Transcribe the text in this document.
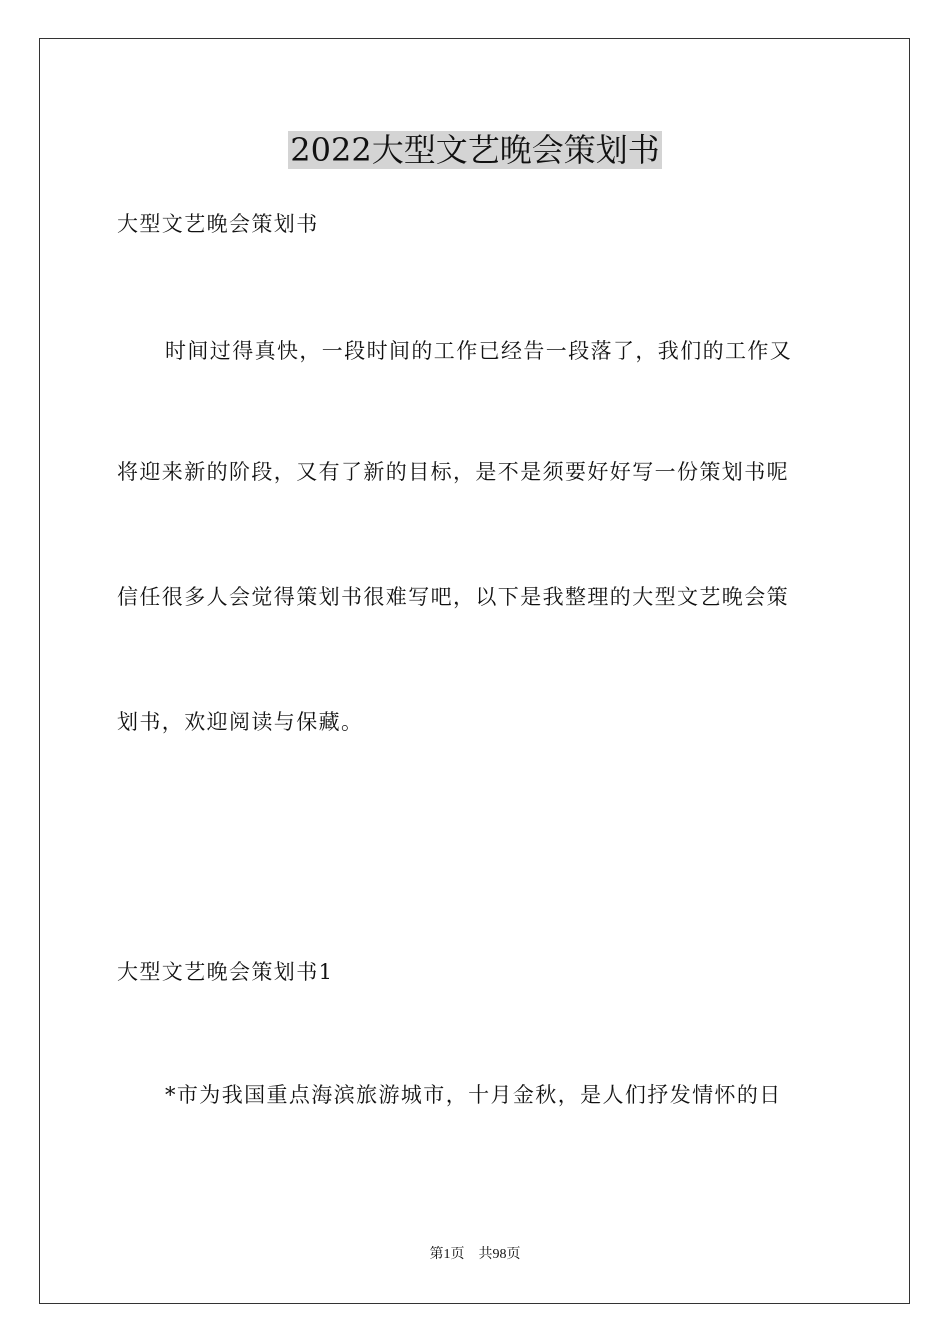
2022大型文艺晚会策划书
大型文艺晚会策划书
时间过得真快，一段时间的工作已经告一段落了，我们的工作又
将迎来新的阶段，又有了新的目标，是不是须要好好写一份策划书呢
信任很多人会觉得策划书很难写吧，以下是我整理的大型文艺晚会策
划书，欢迎阅读与保藏。
大型文艺晚会策划书1
*市为我国重点海滨旅游城市，十月金秋，是人们抒发情怀的日
第1页　共98页
